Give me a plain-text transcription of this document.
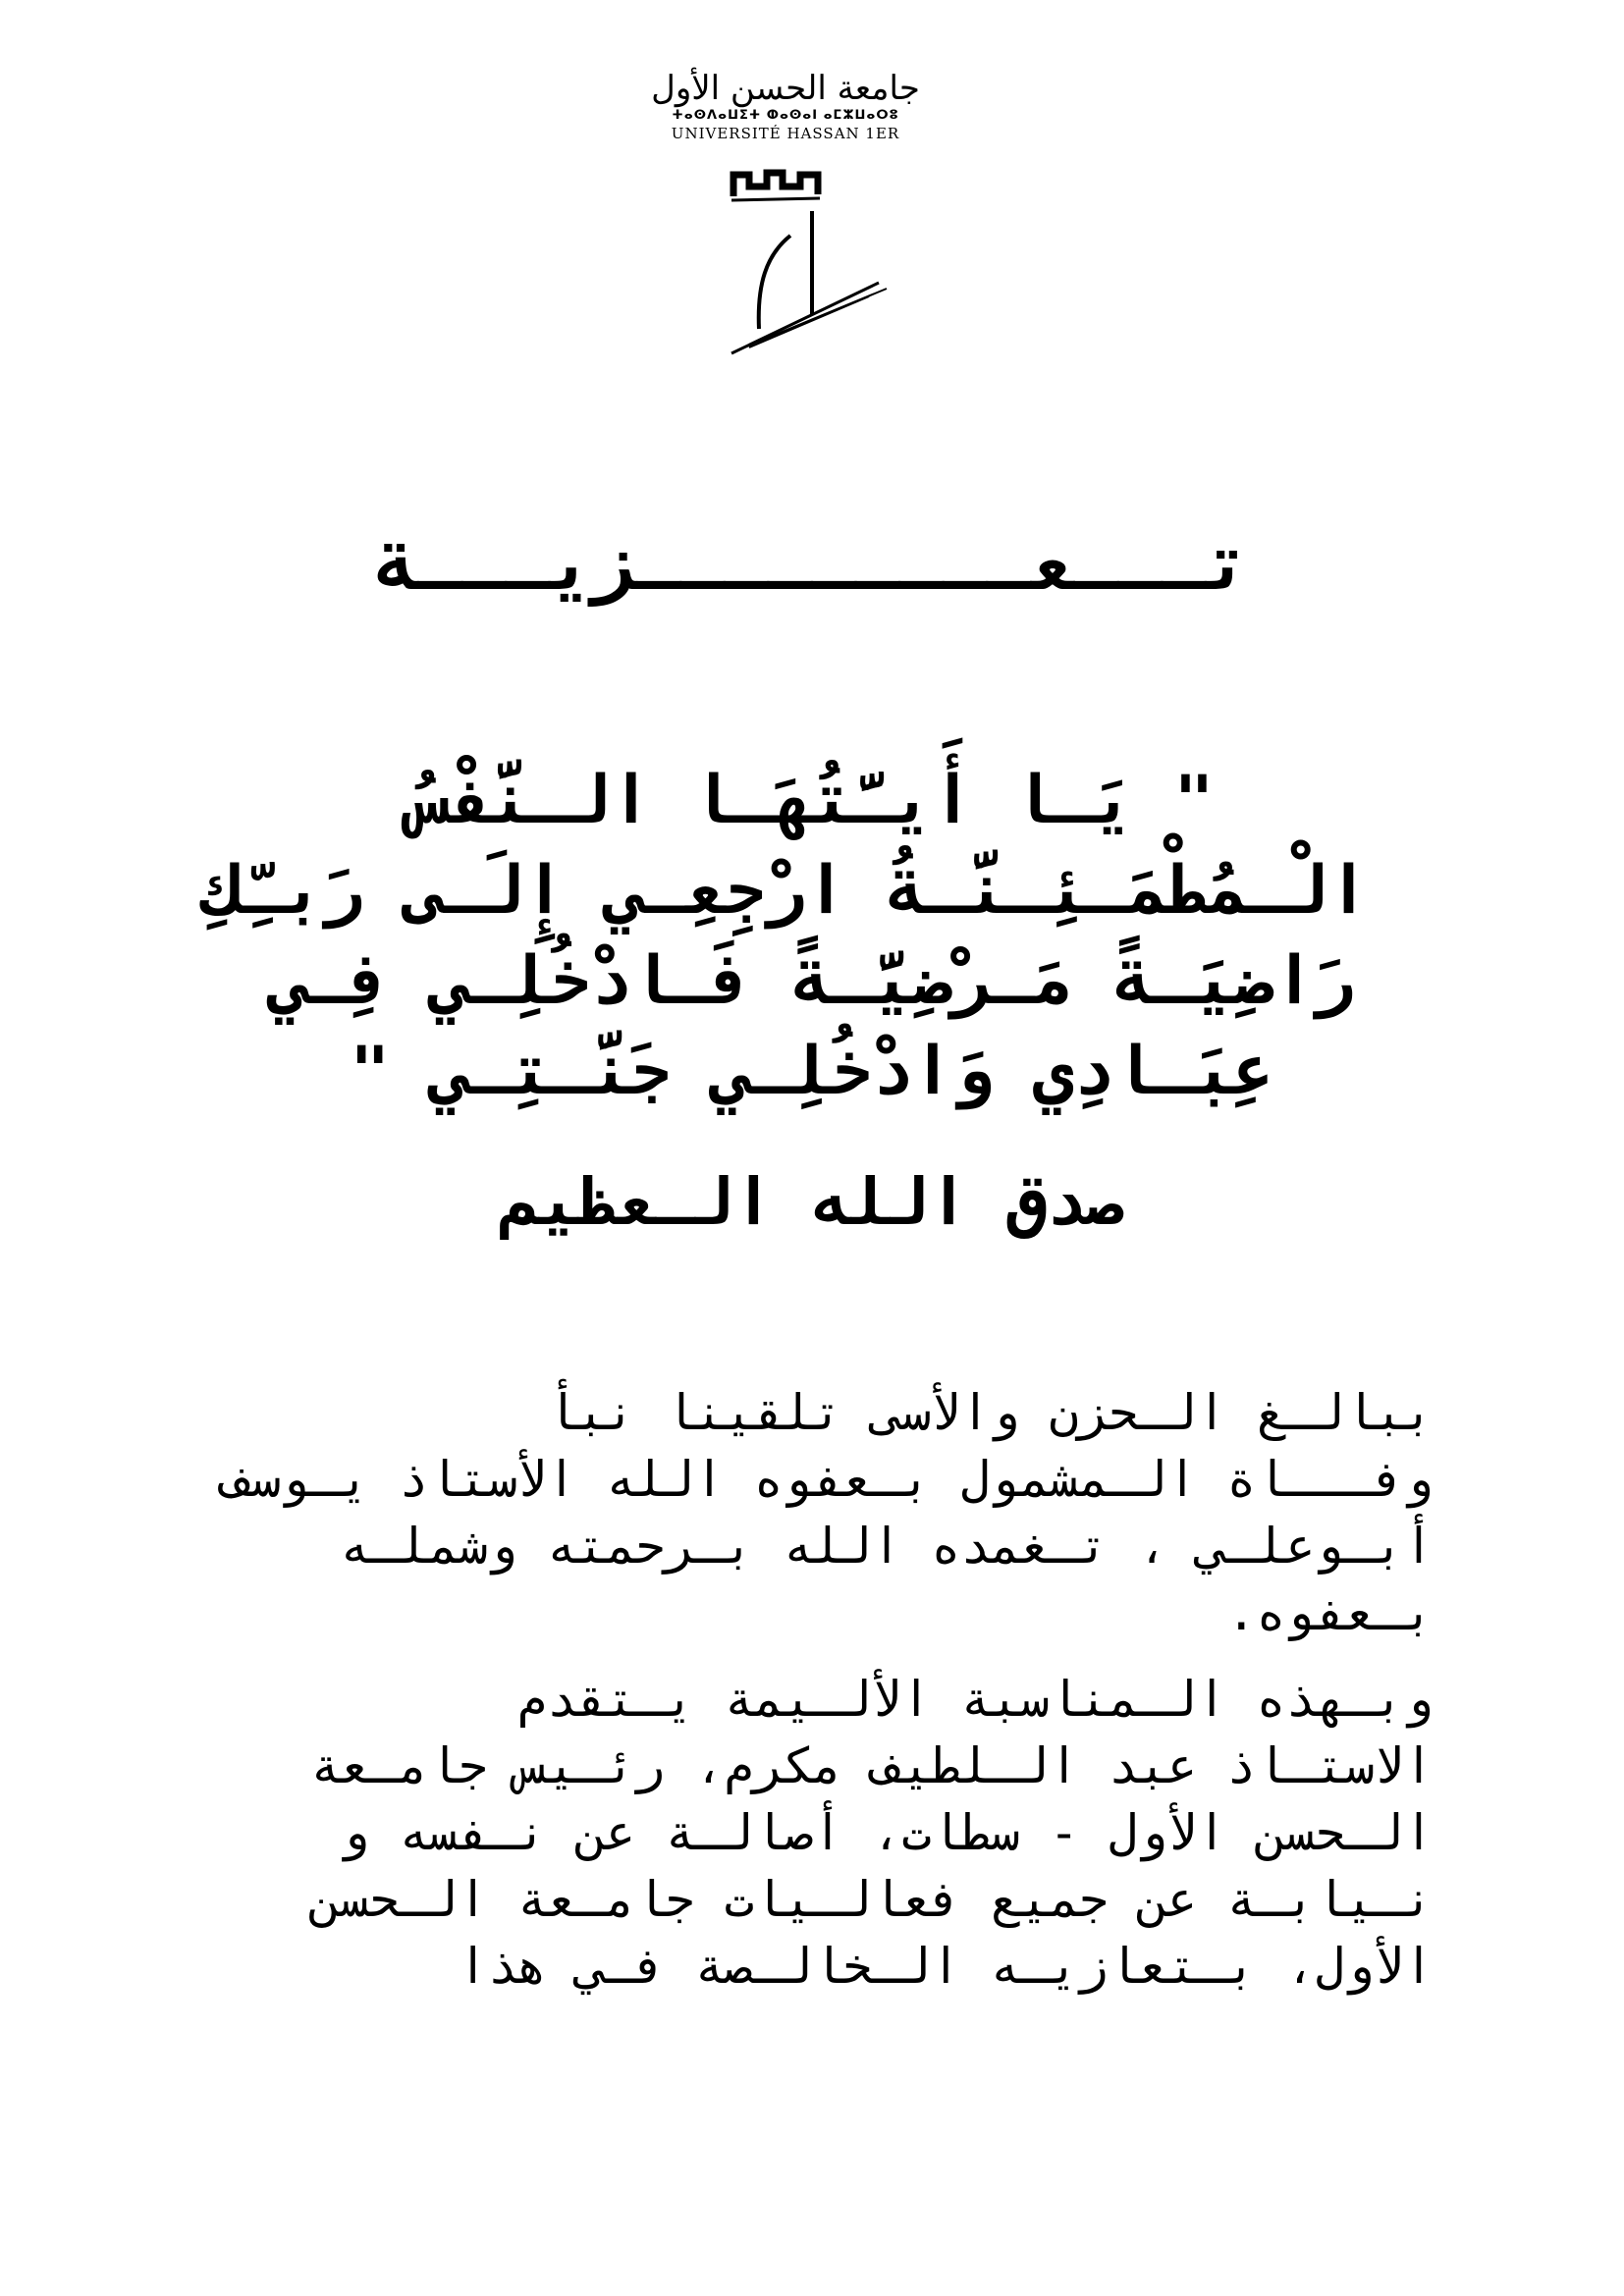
جامعة الحسن الأول
ⵜⴰⵙⴷⴰⵡⵉⵜ ⵀⴰⵙⴰⵏ ⴰⵎⵣⵡⴰⵔⵓ
UNIVERSITÉ HASSAN 1ER
تـــعـــــــــزيـــة
" يَـا أَيـَّتُهَـا الـنَّفْسُ
الْـمُطْمَـئِـنَّـةُ ارْجِعِـي إِلَـى رَبـِّكِ
رَاضِيَـةً مَـرْضِيَّـةً فَـادْخُلِـي فِـي
عِبَـادِي وَادْخُلِـي جَنَّـتِـي "
صدق الله الـعظيم
ببالـغ الـحزن والأسى تلقينا نبأ
وفـــاة الـمشمول بـعفوه الله الأستاذ يـوسف
أبـوعلـي ، تـغمده الله بـرحمته وشملـه
بـعفوه.
وبـهذه الـمناسبة الألـيمة يـتقدم
الاستـاذ عبد الـلطيف مكرم، رئـيس جامـعة
الـحسن الأول - سطات، أصالـة عن نـفسه و
نـيابـة عن جميع فعالـيات جامـعة الـحسن
الأول، بـتعازيـه الـخالـصة فـي هذا
